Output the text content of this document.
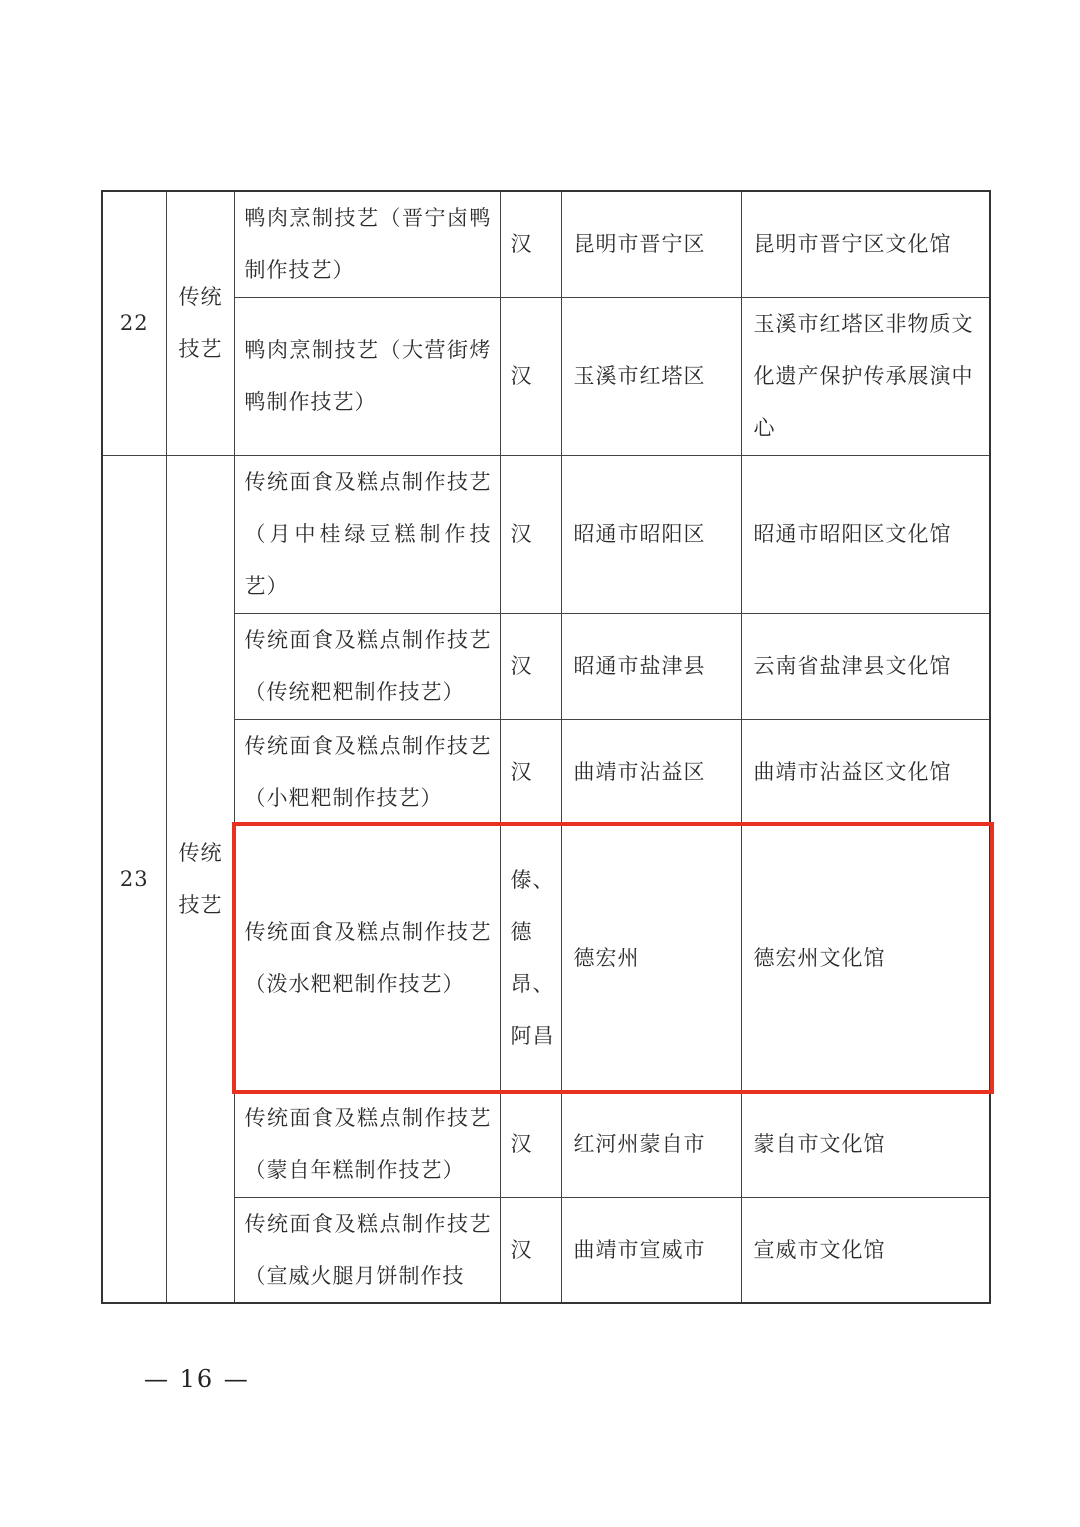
22	传统技艺	鸭肉烹制技艺（晋宁卤鸭制作技艺）	汉	昆明市晋宁区	昆明市晋宁区文化馆
		鸭肉烹制技艺（大营街烤鸭制作技艺）	汉	玉溪市红塔区	玉溪市红塔区非物质文化遗产保护传承展演中心
23	传统技艺	传统面食及糕点制作技艺（月中桂绿豆糕制作技艺）	汉	昭通市昭阳区	昭通市昭阳区文化馆
		传统面食及糕点制作技艺（传统粑粑制作技艺）	汉	昭通市盐津县	云南省盐津县文化馆
		传统面食及糕点制作技艺（小粑粑制作技艺）	汉	曲靖市沾益区	曲靖市沾益区文化馆
		传统面食及糕点制作技艺（泼水粑粑制作技艺）	傣、德昂、阿昌	德宏州	德宏州文化馆
		传统面食及糕点制作技艺（蒙自年糕制作技艺）	汉	红河州蒙自市	蒙自市文化馆
		传统面食及糕点制作技艺（宣威火腿月饼制作技	汉	曲靖市宣威市	宣威市文化馆
— 16 —
